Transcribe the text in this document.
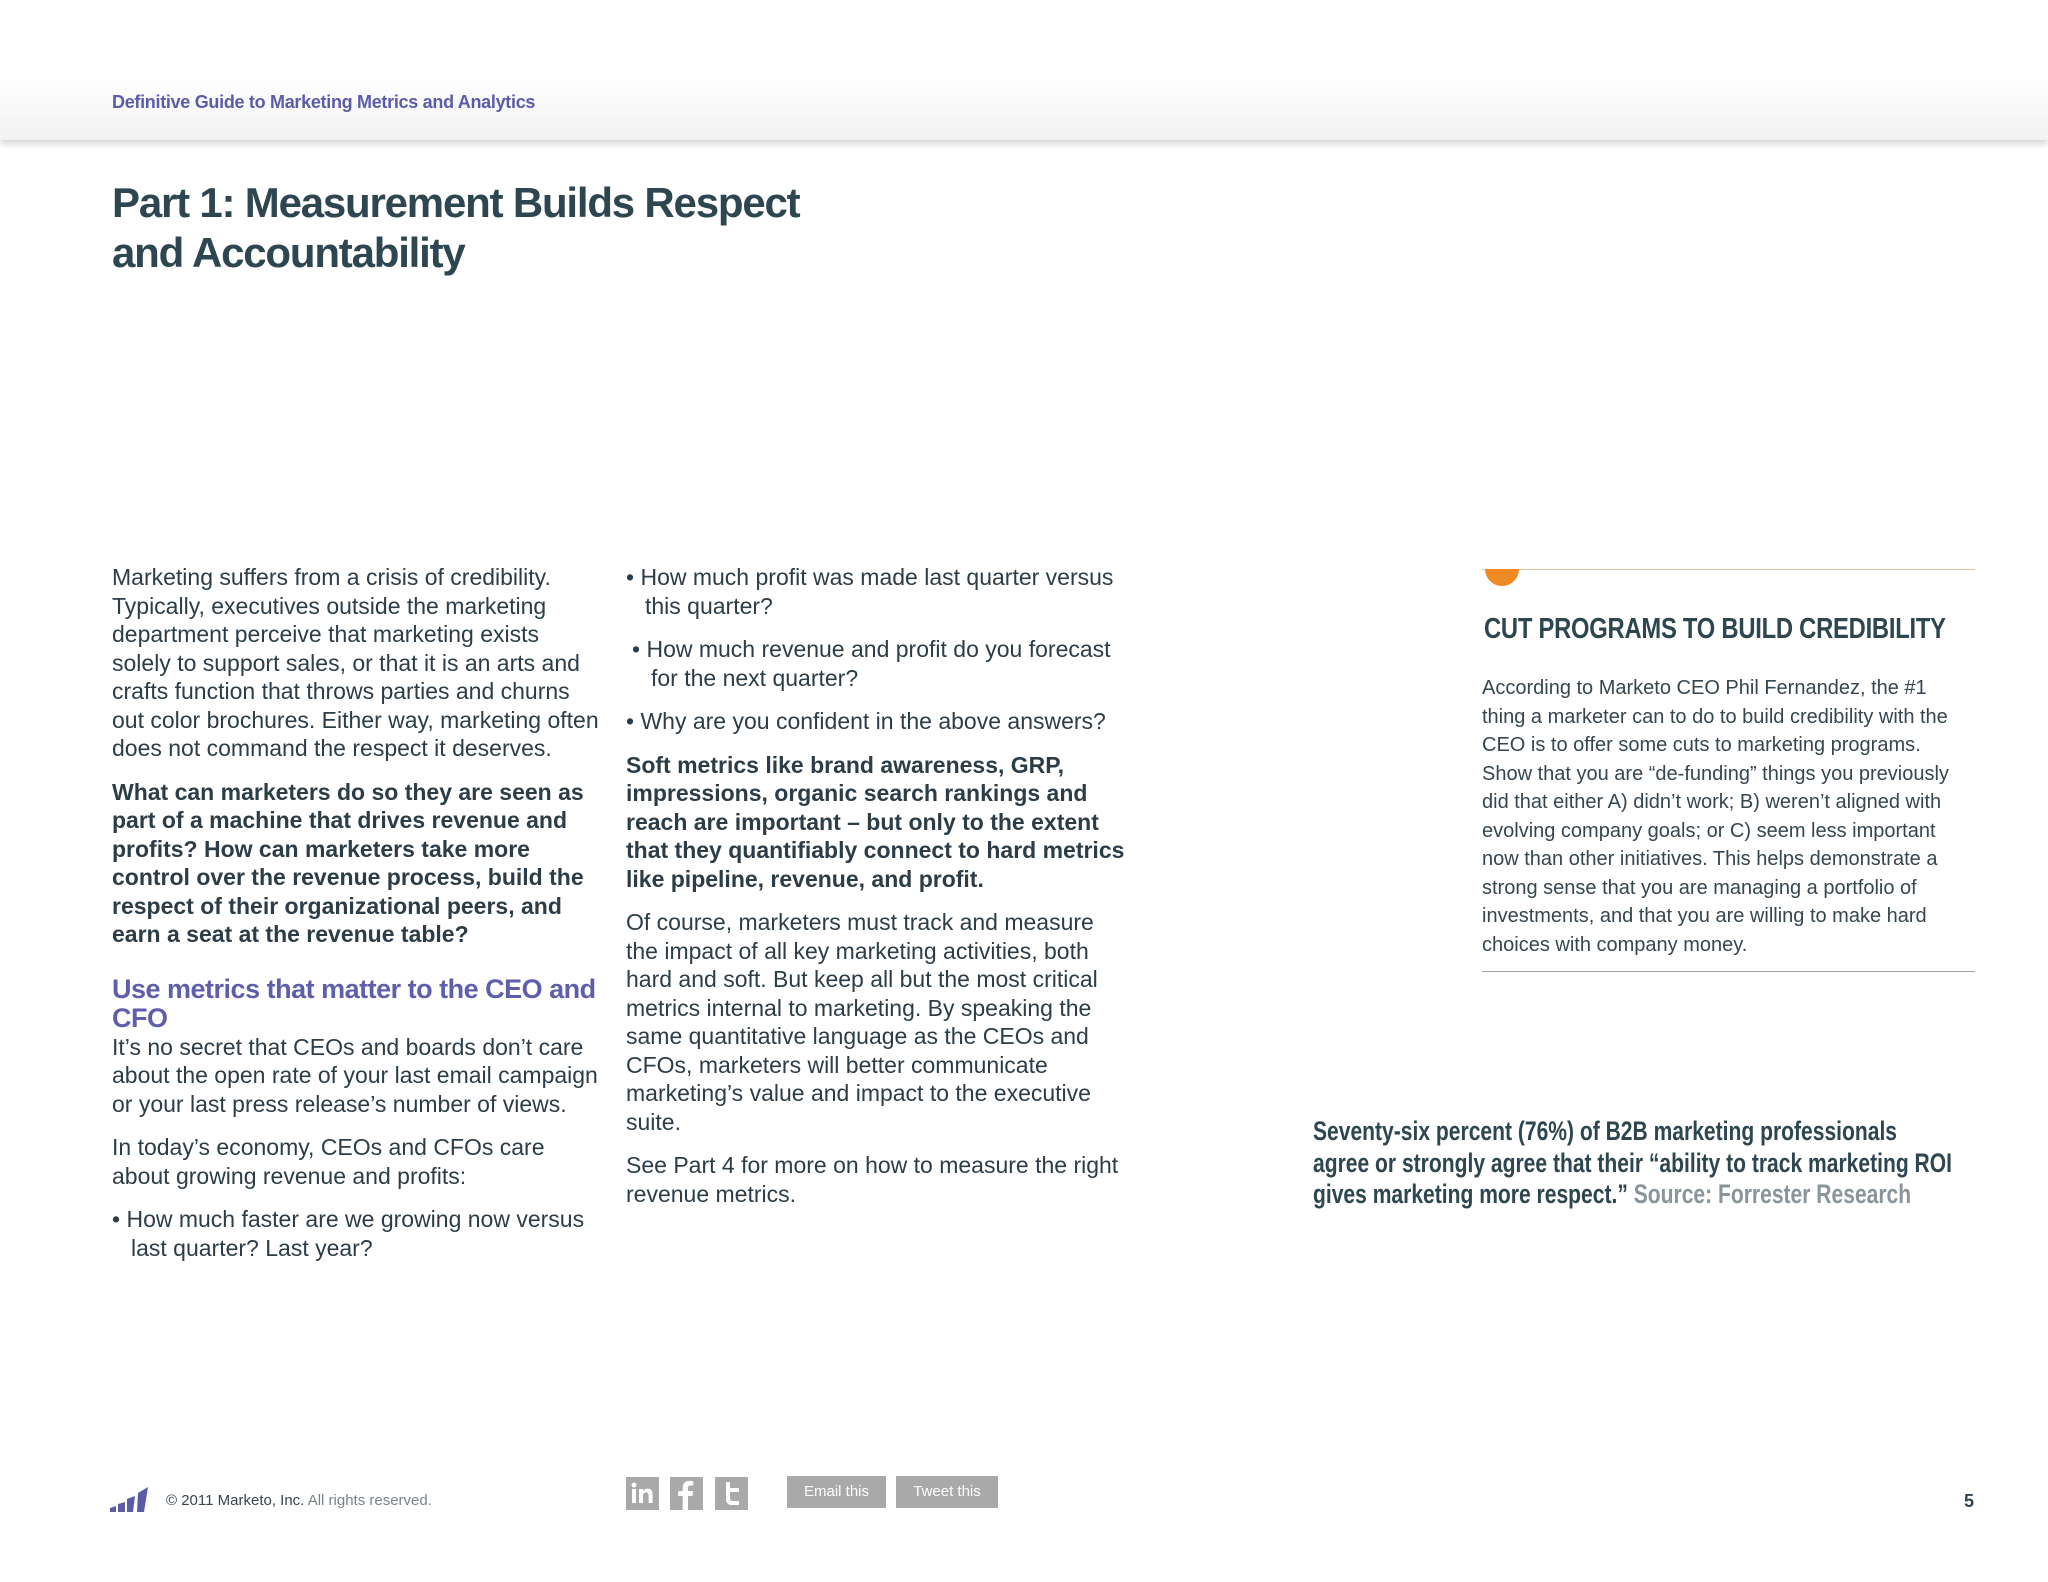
Definitive Guide to Marketing Metrics and Analytics
Part 1: Measurement Builds Respect
and Accountability

Marketing suffers from a crisis of credibility. Typically, executives outside the marketing department perceive that marketing exists solely to support sales, or that it is an arts and crafts function that throws parties and churns out color brochures. Either way, marketing often does not command the respect it deserves.

What can marketers do so they are seen as part of a machine that drives revenue and profits? How can marketers take more control over the revenue process, build the respect of their organizational peers, and earn a seat at the revenue table?

Use metrics that matter to the CEO and CFO

It’s no secret that CEOs and boards don’t care about the open rate of your last email campaign or your last press release’s number of views.

In today’s economy, CEOs and CFOs care about growing revenue and profits:

• How much faster are we growing now versus last quarter? Last year?

• How much profit was made last quarter versus this quarter?

• How much revenue and profit do you forecast for the next quarter?

• Why are you confident in the above answers?

Soft metrics like brand awareness, GRP, impressions, organic search rankings and reach are important – but only to the extent that they quantifiably connect to hard metrics like pipeline, revenue, and profit.

Of course, marketers must track and measure the impact of all key marketing activities, both hard and soft. But keep all but the most critical metrics internal to marketing. By speaking the same quantitative language as the CEOs and CFOs, marketers will better communicate marketing’s value and impact to the executive suite.

See Part 4 for more on how to measure the right revenue metrics.

CUT PROGRAMS TO BUILD CREDIBILITY
According to Marketo CEO Phil Fernandez, the #1 thing a marketer can to do to build credibility with the CEO is to offer some cuts to marketing programs. Show that you are “de-funding” things you previously did that either A) didn’t work; B) weren’t aligned with evolving company goals; or C) seem less important now than other initiatives. This helps demonstrate a strong sense that you are managing a portfolio of investments, and that you are willing to make hard choices with company money.
Seventy-six percent (76%) of B2B marketing professionals agree or strongly agree that their “ability to track marketing ROI gives marketing more respect.” Source: Forrester Research
© 2011 Marketo, Inc. All rights reserved.
Email this	Tweet this	5
